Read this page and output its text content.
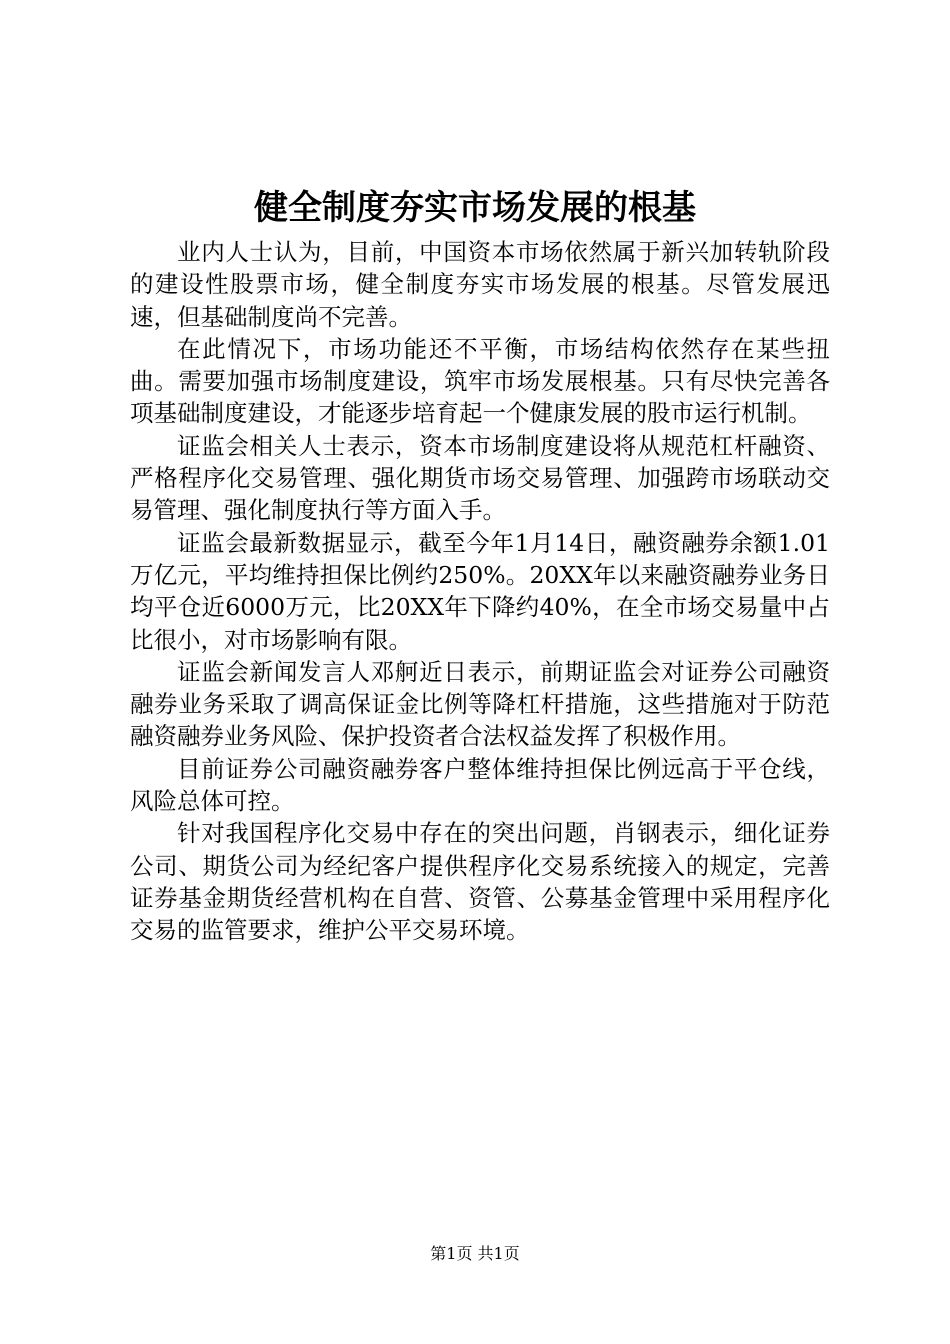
健全制度夯实市场发展的根基

业内人士认为，目前，中国资本市场依然属于新兴加转轨阶段的建设性股票市场，健全制度夯实市场发展的根基。尽管发展迅速，但基础制度尚不完善。

在此情况下，市场功能还不平衡，市场结构依然存在某些扭曲。需要加强市场制度建设，筑牢市场发展根基。只有尽快完善各项基础制度建设，才能逐步培育起一个健康发展的股市运行机制。

证监会相关人士表示，资本市场制度建设将从规范杠杆融资、严格程序化交易管理、强化期货市场交易管理、加强跨市场联动交易管理、强化制度执行等方面入手。

证监会最新数据显示，截至今年1月14日，融资融券余额1.01万亿元，平均维持担保比例约250%。20XX年以来融资融券业务日均平仓近6000万元，比20XX年下降约40%，在全市场交易量中占比很小，对市场影响有限。

证监会新闻发言人邓舸近日表示，前期证监会对证券公司融资融券业务采取了调高保证金比例等降杠杆措施，这些措施对于防范融资融券业务风险、保护投资者合法权益发挥了积极作用。

目前证券公司融资融券客户整体维持担保比例远高于平仓线，风险总体可控。

针对我国程序化交易中存在的突出问题，肖钢表示，细化证券公司、期货公司为经纪客户提供程序化交易系统接入的规定，完善证券基金期货经营机构在自营、资管、公募基金管理中采用程序化交易的监管要求，维护公平交易环境。

第1页 共1页
